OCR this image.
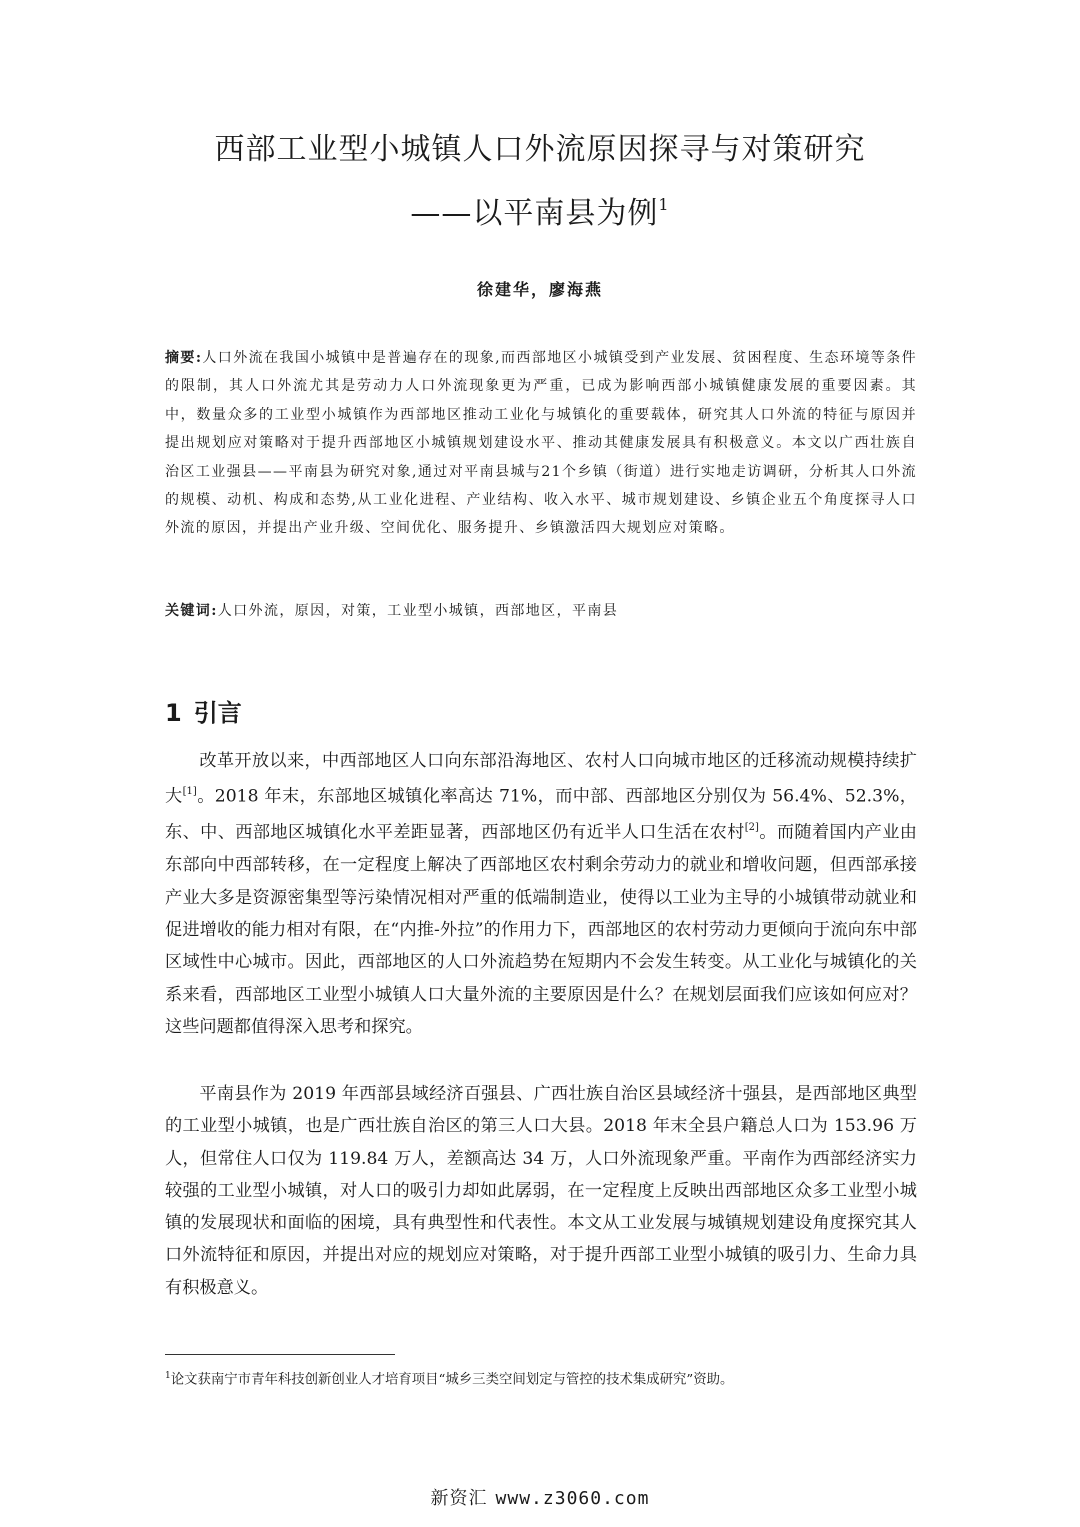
西部工业型小城镇人口外流原因探寻与对策研究
——以平南县为例$^1$
徐建华，廖海燕
摘要:人口外流在我国小城镇中是普遍存在的现象,而西部地区小城镇受到产业发展、贫困程度、生态环境等条件的限制，其人口外流尤其是劳动力人口外流现象更为严重，已成为影响西部小城镇健康发展的重要因素。其中，数量众多的工业型小城镇作为西部地区推动工业化与城镇化的重要载体，研究其人口外流的特征与原因并提出规划应对策略对于提升西部地区小城镇规划建设水平、推动其健康发展具有积极意义。本文以广西壮族自治区工业强县——平南县为研究对象,通过对平南县城与21个乡镇（街道）进行实地走访调研，分析其人口外流的规模、动机、构成和态势,从工业化进程、产业结构、收入水平、城市规划建设、乡镇企业五个角度探寻人口外流的原因，并提出产业升级、空间优化、服务提升、乡镇激活四大规划应对策略。
关键词:人口外流，原因，对策，工业型小城镇，西部地区，平南县
1 引言
改革开放以来，中西部地区人口向东部沿海地区、农村人口向城市地区的迁移流动规模持续扩大[1]。2018 年末，东部地区城镇化率高达 71%，而中部、西部地区分别仅为 56.4%、52.3%，东、中、西部地区城镇化水平差距显著，西部地区仍有近半人口生活在农村[2]。而随着国内产业由东部向中西部转移，在一定程度上解决了西部地区农村剩余劳动力的就业和增收问题，但西部承接产业大多是资源密集型等污染情况相对严重的低端制造业，使得以工业为主导的小城镇带动就业和促进增收的能力相对有限，在“内推-外拉”的作用力下，西部地区的农村劳动力更倾向于流向东中部区域性中心城市。因此，西部地区的人口外流趋势在短期内不会发生转变。从工业化与城镇化的关系来看，西部地区工业型小城镇人口大量外流的主要原因是什么？在规划层面我们应该如何应对？这些问题都值得深入思考和探究。
平南县作为 2019 年西部县域经济百强县、广西壮族自治区县域经济十强县，是西部地区典型的工业型小城镇，也是广西壮族自治区的第三人口大县。2018 年末全县户籍总人口为 153.96 万人，但常住人口仅为 119.84 万人，差额高达 34 万，人口外流现象严重。平南作为西部经济实力较强的工业型小城镇，对人口的吸引力却如此孱弱，在一定程度上反映出西部地区众多工业型小城镇的发展现状和面临的困境，具有典型性和代表性。本文从工业发展与城镇规划建设角度探究其人口外流特征和原因，并提出对应的规划应对策略，对于提升西部工业型小城镇的吸引力、生命力具有积极意义。
$^1$论文获南宁市青年科技创新创业人才培育项目“城乡三类空间划定与管控的技术集成研究”资助。
新资汇 www.z3060.com
